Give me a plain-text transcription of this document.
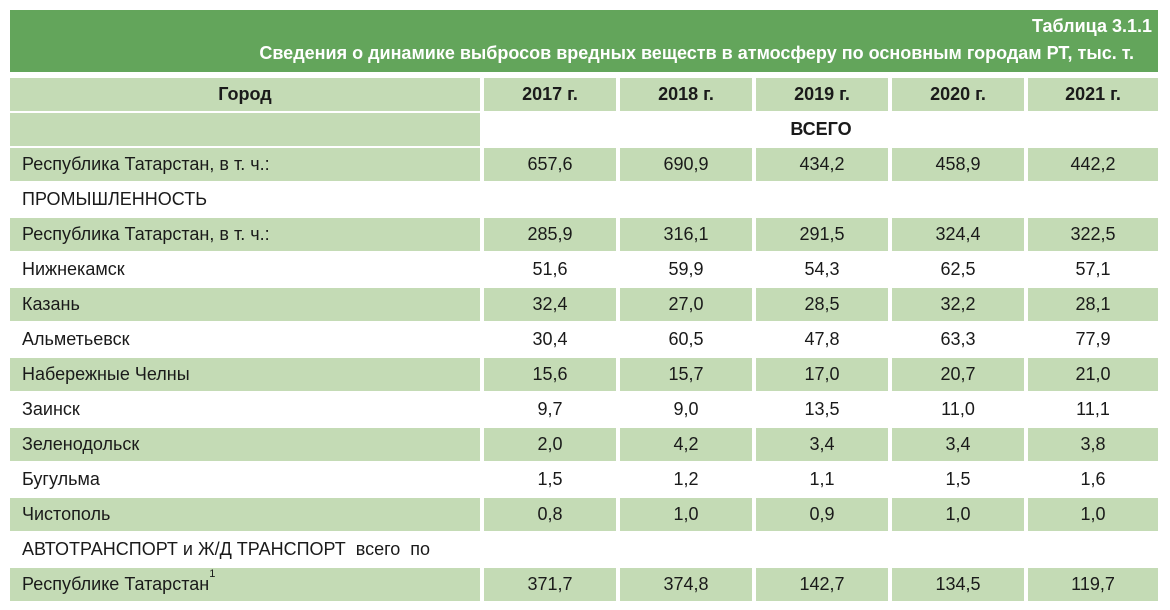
Таблица 3.1.1
Сведения о динамике выбросов вредных веществ в атмосферу по основным городам РТ, тыс. т.
Город	2017 г.	2018 г.	2019 г.	2020 г.	2021 г.
ВСЕГО
Республика Татарстан, в т. ч.:	657,6	690,9	434,2	458,9	442,2
ПРОМЫШЛЕННОСТЬ
Республика Татарстан, в т. ч.:	285,9	316,1	291,5	324,4	322,5
Нижнекамск	51,6	59,9	54,3	62,5	57,1
Казань	32,4	27,0	28,5	32,2	28,1
Альметьевск	30,4	60,5	47,8	63,3	77,9
Набережные Челны	15,6	15,7	17,0	20,7	21,0
Заинск	9,7	9,0	13,5	11,0	11,1
Зеленодольск	2,0	4,2	3,4	3,4	3,8
Бугульма	1,5	1,2	1,1	1,5	1,6
Чистополь	0,8	1,0	0,9	1,0	1,0
АВТОТРАНСПОРТ и Ж/Д ТРАНСПОРТ  всего  по
Республике Татарстан$^1$	371,7	374,8	142,7	134,5	119,7
